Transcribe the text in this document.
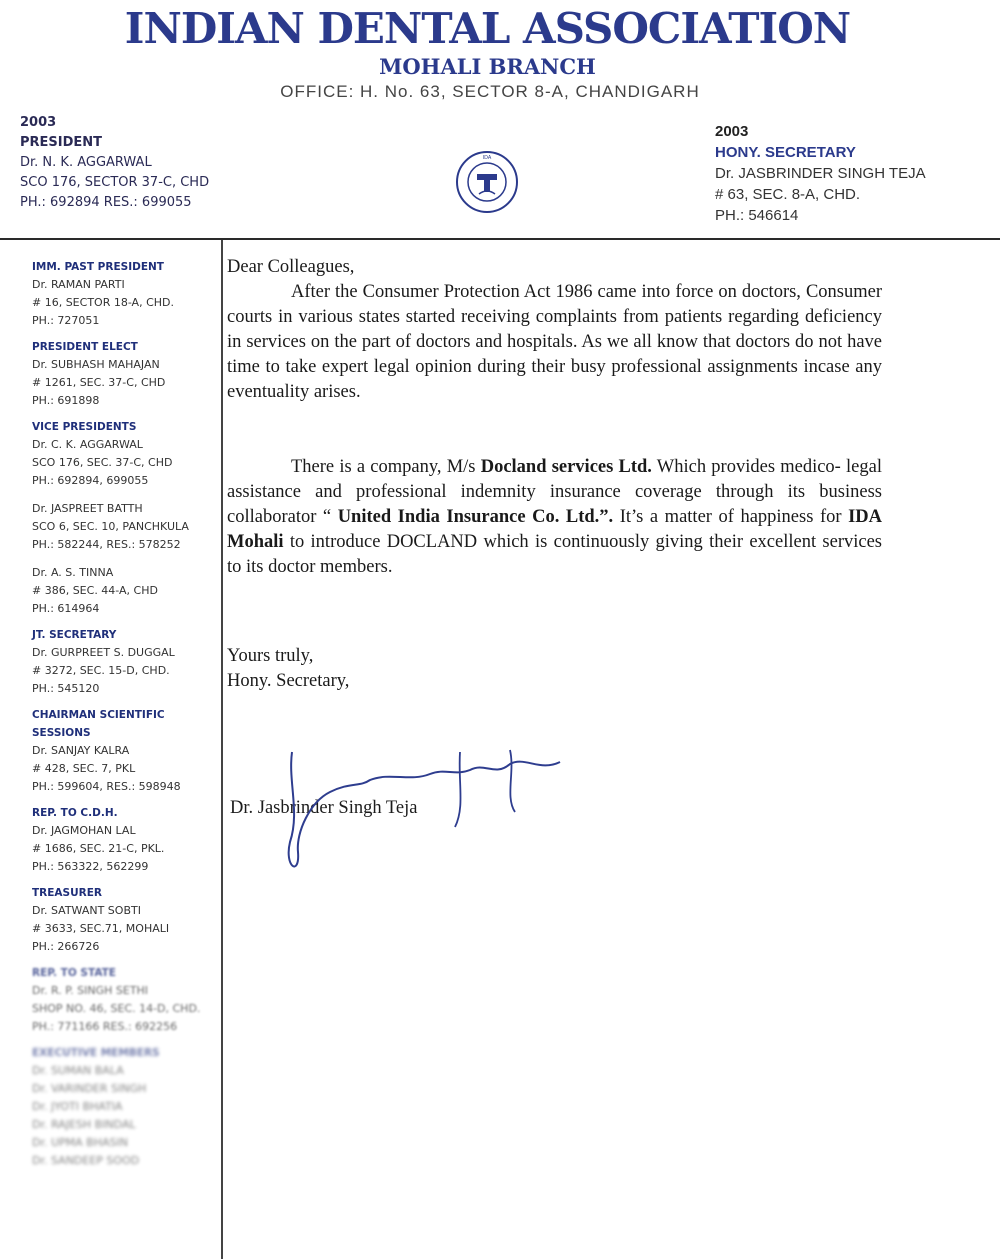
INDIAN DENTAL ASSOCIATION
MOHALI BRANCH
OFFICE: H. No. 63, SECTOR 8-A, CHANDIGARH
2003
PRESIDENT
Dr. N. K. AGGARWAL
SCO 176, SECTOR 37-C, CHD
PH.: 692894 RES.: 699055
IDA
2003
HONY. SECRETARY
Dr. JASBRINDER SINGH TEJA
# 63, SEC. 8-A, CHD.
PH.: 546614
IMM. PAST PRESIDENT
Dr. RAMAN PARTI
# 16, SECTOR 18-A, CHD.
PH.: 727051
PRESIDENT ELECT
Dr. SUBHASH MAHAJAN
# 1261, SEC. 37-C, CHD
PH.: 691898
VICE PRESIDENTS
Dr. C. K. AGGARWAL
SCO 176, SEC. 37-C, CHD
PH.: 692894, 699055
Dr. JASPREET BATTH
SCO 6, SEC. 10, PANCHKULA
PH.: 582244, RES.: 578252
Dr. A. S. TINNA
# 386, SEC. 44-A, CHD
PH.: 614964
JT. SECRETARY
Dr. GURPREET S. DUGGAL
# 3272, SEC. 15-D, CHD.
PH.: 545120
CHAIRMAN SCIENTIFIC SESSIONS
Dr. SANJAY KALRA
# 428, SEC. 7, PKL
PH.: 599604, RES.: 598948
REP. TO C.D.H.
Dr. JAGMOHAN LAL
# 1686, SEC. 21-C, PKL.
PH.: 563322, 562299
TREASURER
Dr. SATWANT SOBTI
# 3633, SEC.71, MOHALI
PH.: 266726
REP. TO STATE
Dr. R. P. SINGH SETHI
SHOP NO. 46, SEC. 14-D, CHD.
PH.: 771166 RES.: 692256
EXECUTIVE MEMBERS
Dr. SUMAN BALA
Dr. VARINDER SINGH
Dr. JYOTI BHATIA
Dr. RAJESH BINDAL
Dr. UPMA BHASIN
Dr. SANDEEP SOOD

Dear Colleagues,

After the Consumer Protection Act 1986 came into force on doctors, Consumer courts in various states started receiving complaints from patients regarding deficiency in services on the part of doctors and hospitals. As we all know that doctors do not have time to take expert legal opinion during their busy professional assignments incase any eventuality arises.

There is a company, M/s Docland services Ltd. Which provides medico- legal assistance and professional indemnity insurance coverage through its business collaborator “ United India Insurance Co. Ltd.”. It’s a matter of happiness for IDA Mohali to introduce DOCLAND which is continuously giving their excellent services to its doctor members.

Yours truly,
Hony. Secretary,
Dr. Jasbrinder Singh Teja
